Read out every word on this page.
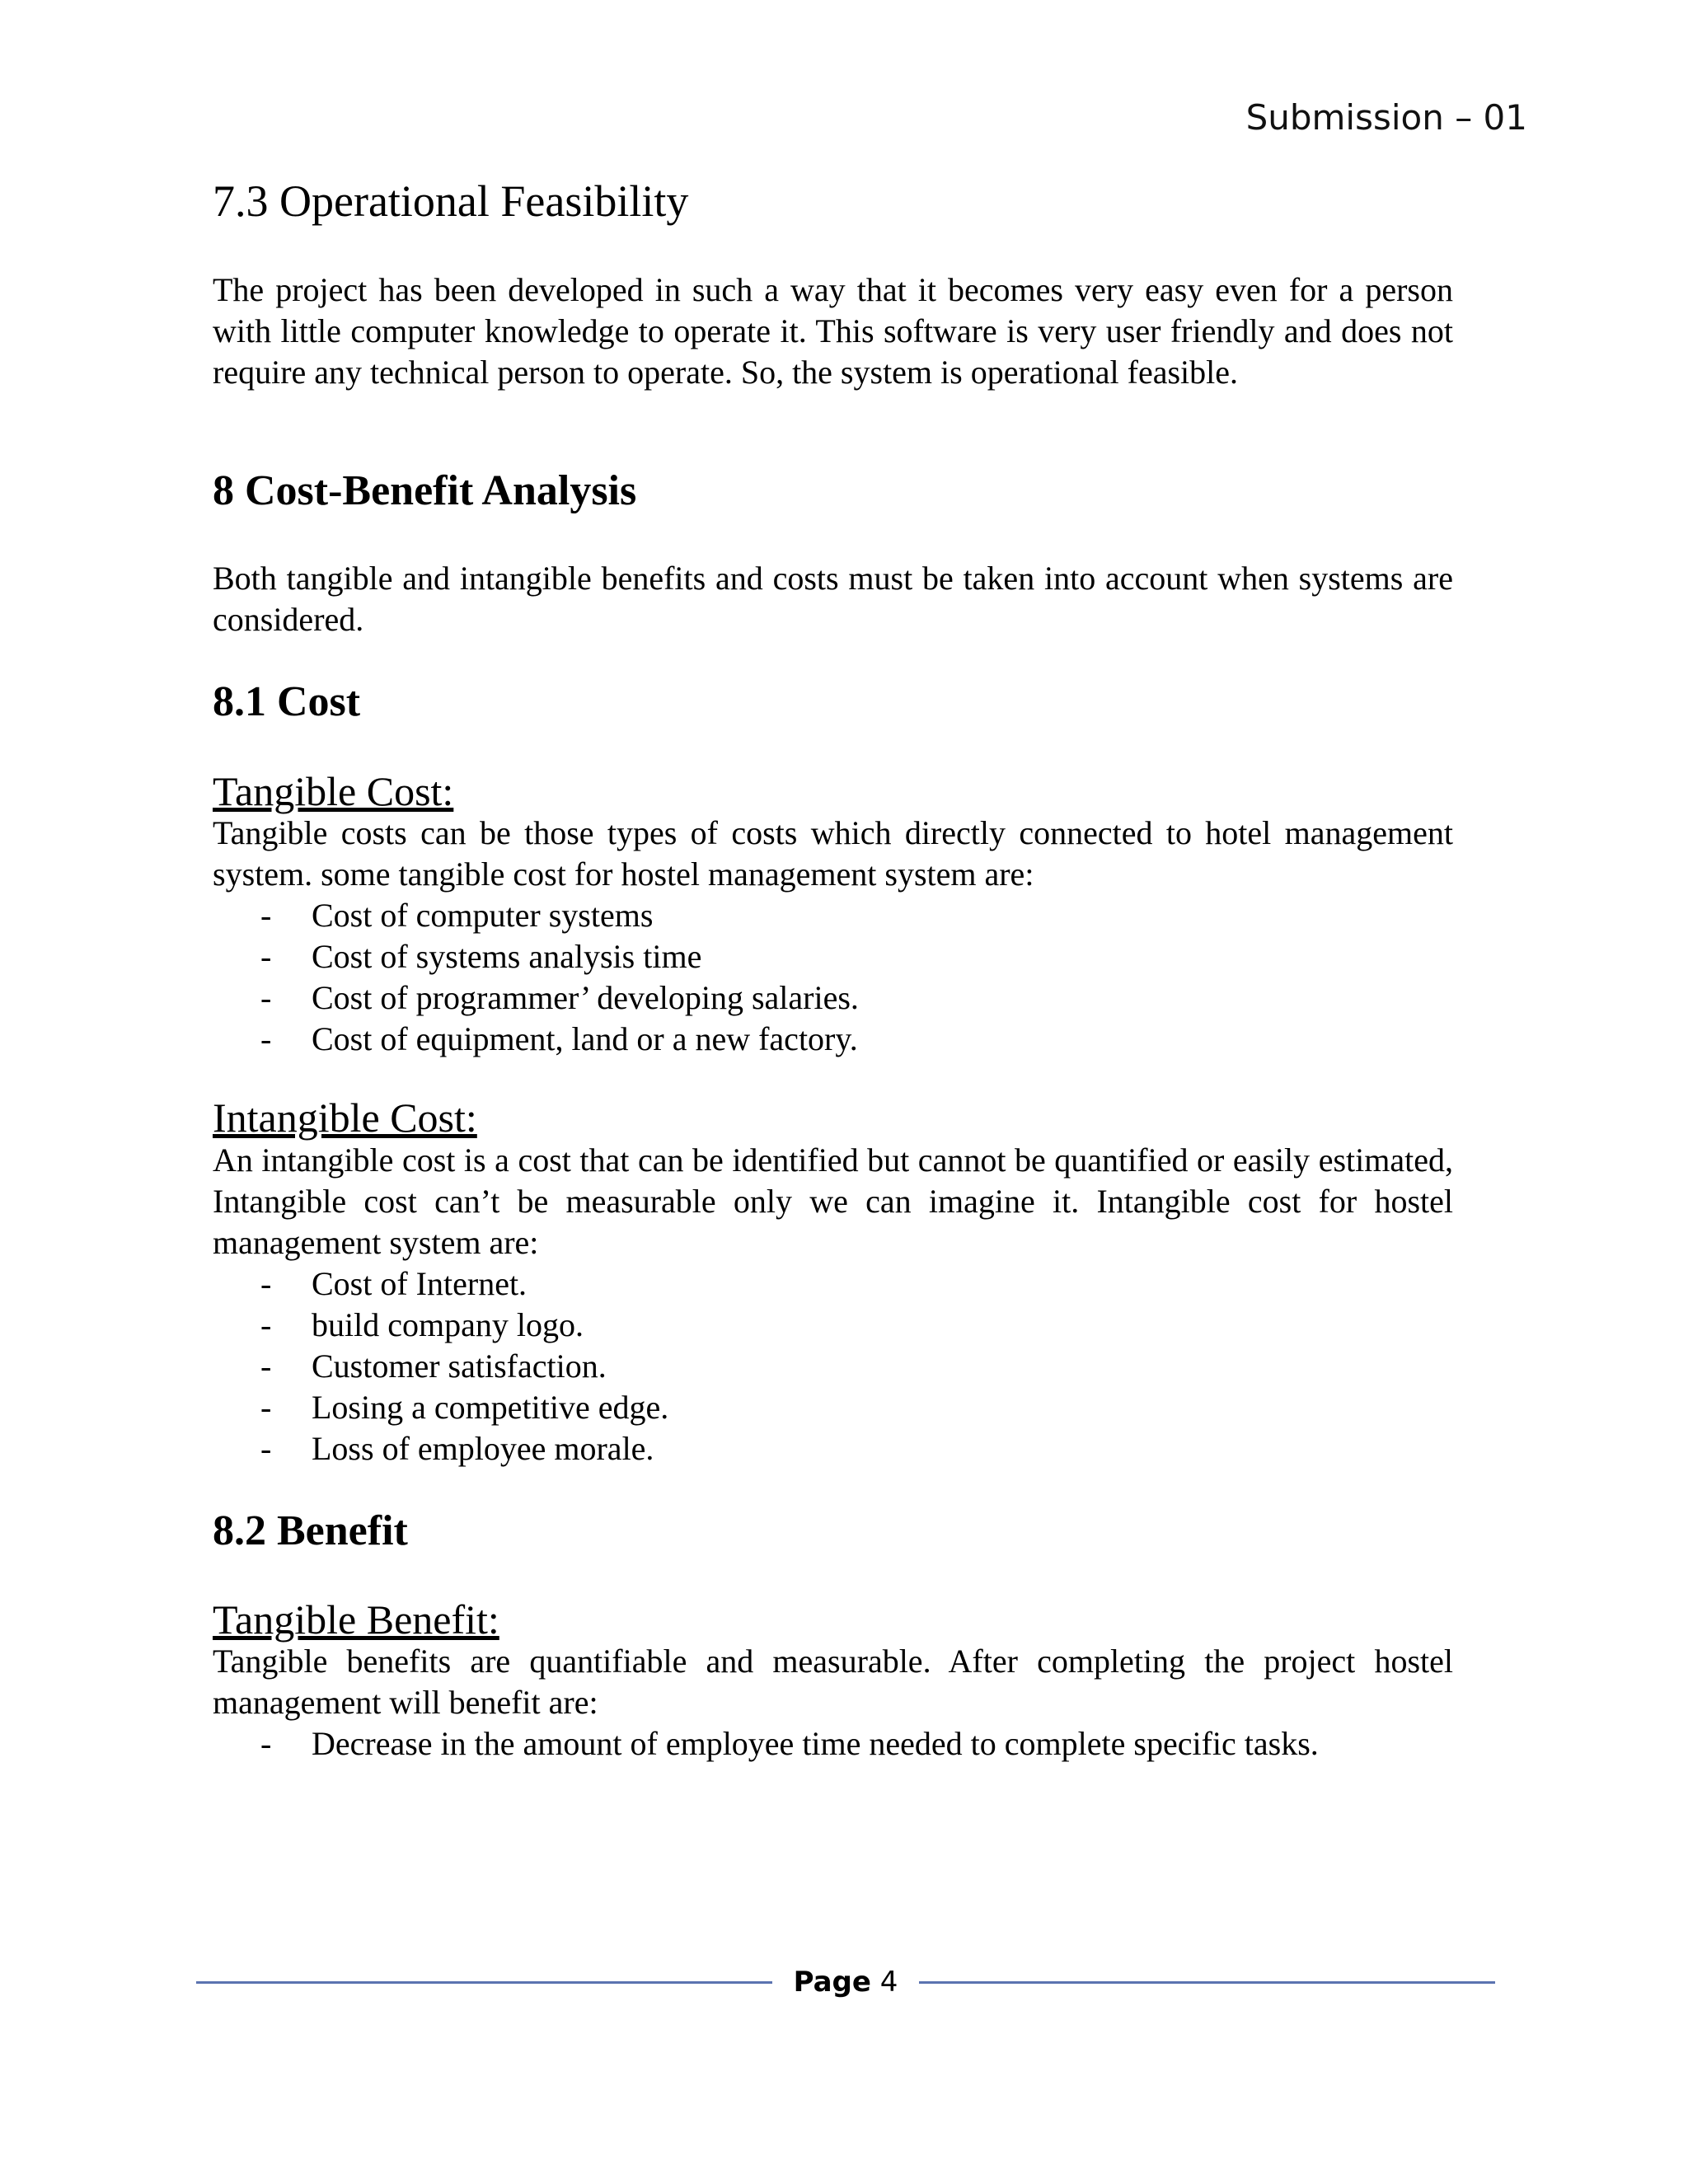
Submission – 01
7.3 Operational Feasibility

The project has been developed in such a way that it becomes very easy even for a person with little computer knowledge to operate it. This software is very user friendly and does not require any technical person to operate. So, the system is operational feasible.

8 Cost-Benefit Analysis

Both tangible and intangible benefits and costs must be taken into account when systems are considered.

8.1 Cost
Tangible Cost:

Tangible costs can be those types of costs which directly connected to hotel management system. some tangible cost for hostel management system are:

- Cost of computer systems
- Cost of systems analysis time
- Cost of programmer’ developing salaries.
- Cost of equipment, land or a new factory.
Intangible Cost:

An intangible cost is a cost that can be identified but cannot be quantified or easily estimated, Intangible cost can’t be measurable only we can imagine it. Intangible cost for hostel management system are:

- Cost of Internet.
- build company logo.
- Customer satisfaction.
- Losing a competitive edge.
- Loss of employee morale.
8.2 Benefit
Tangible Benefit:

Tangible benefits are quantifiable and measurable. After completing the project hostel management will benefit are:

- Decrease in the amount of employee time needed to complete specific tasks.
Page 4
